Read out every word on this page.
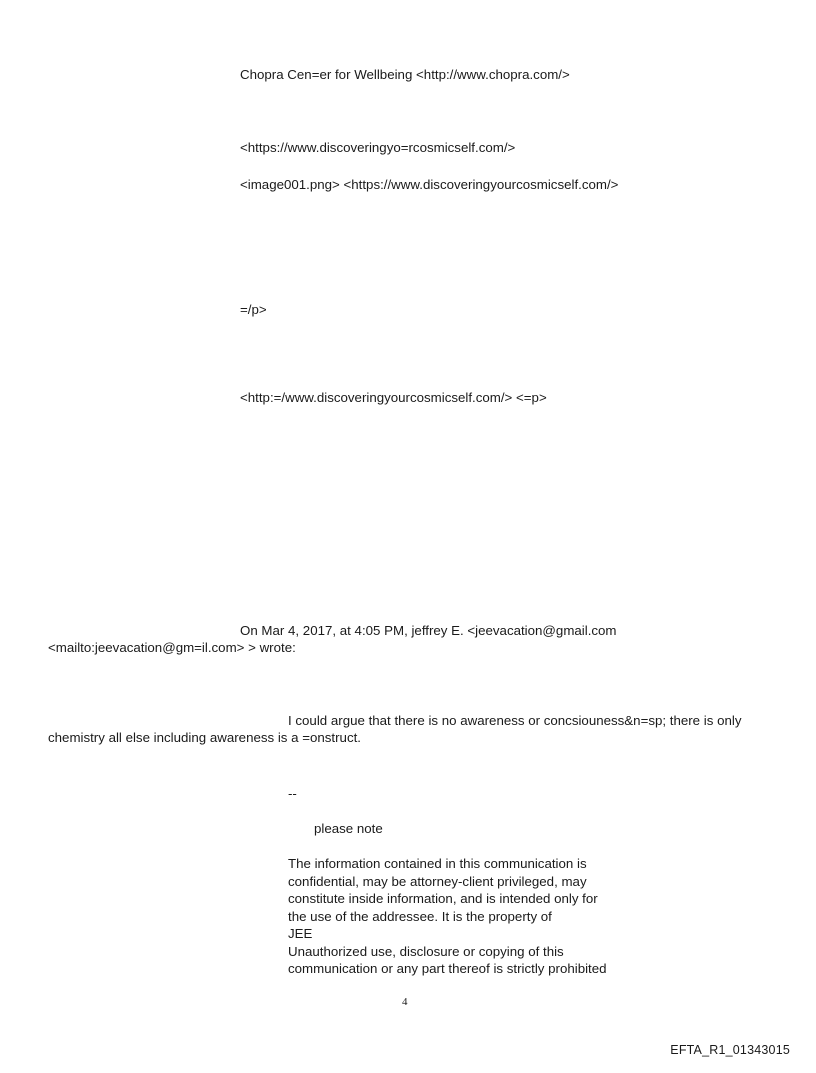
Chopra Cen=er for Wellbeing <http://www.chopra.com/>
<https://www.discoveringyo=rcosmicself.com/>
<image001.png> <https://www.discoveringyourcosmicself.com/>
=/p>
<http:=/www.discoveringyourcosmicself.com/> <=p>
On Mar 4, 2017, at 4:05 PM, jeffrey E. <jeevacation@gmail.com
<mailto:jeevacation@gm=il.com> > wrote:
I could argue that there is no awareness or concsiouness&n=sp; there is only
chemistry all else including awareness is a =onstruct.
--
please note
The information contained in this communication is
confidential, may be attorney-client privileged, may
constitute inside information, and is intended only for
the use of the addressee. It is the property of
JEE
Unauthorized use, disclosure or copying of this
communication or any part thereof is strictly prohibited
4
EFTA_R1_01343015
